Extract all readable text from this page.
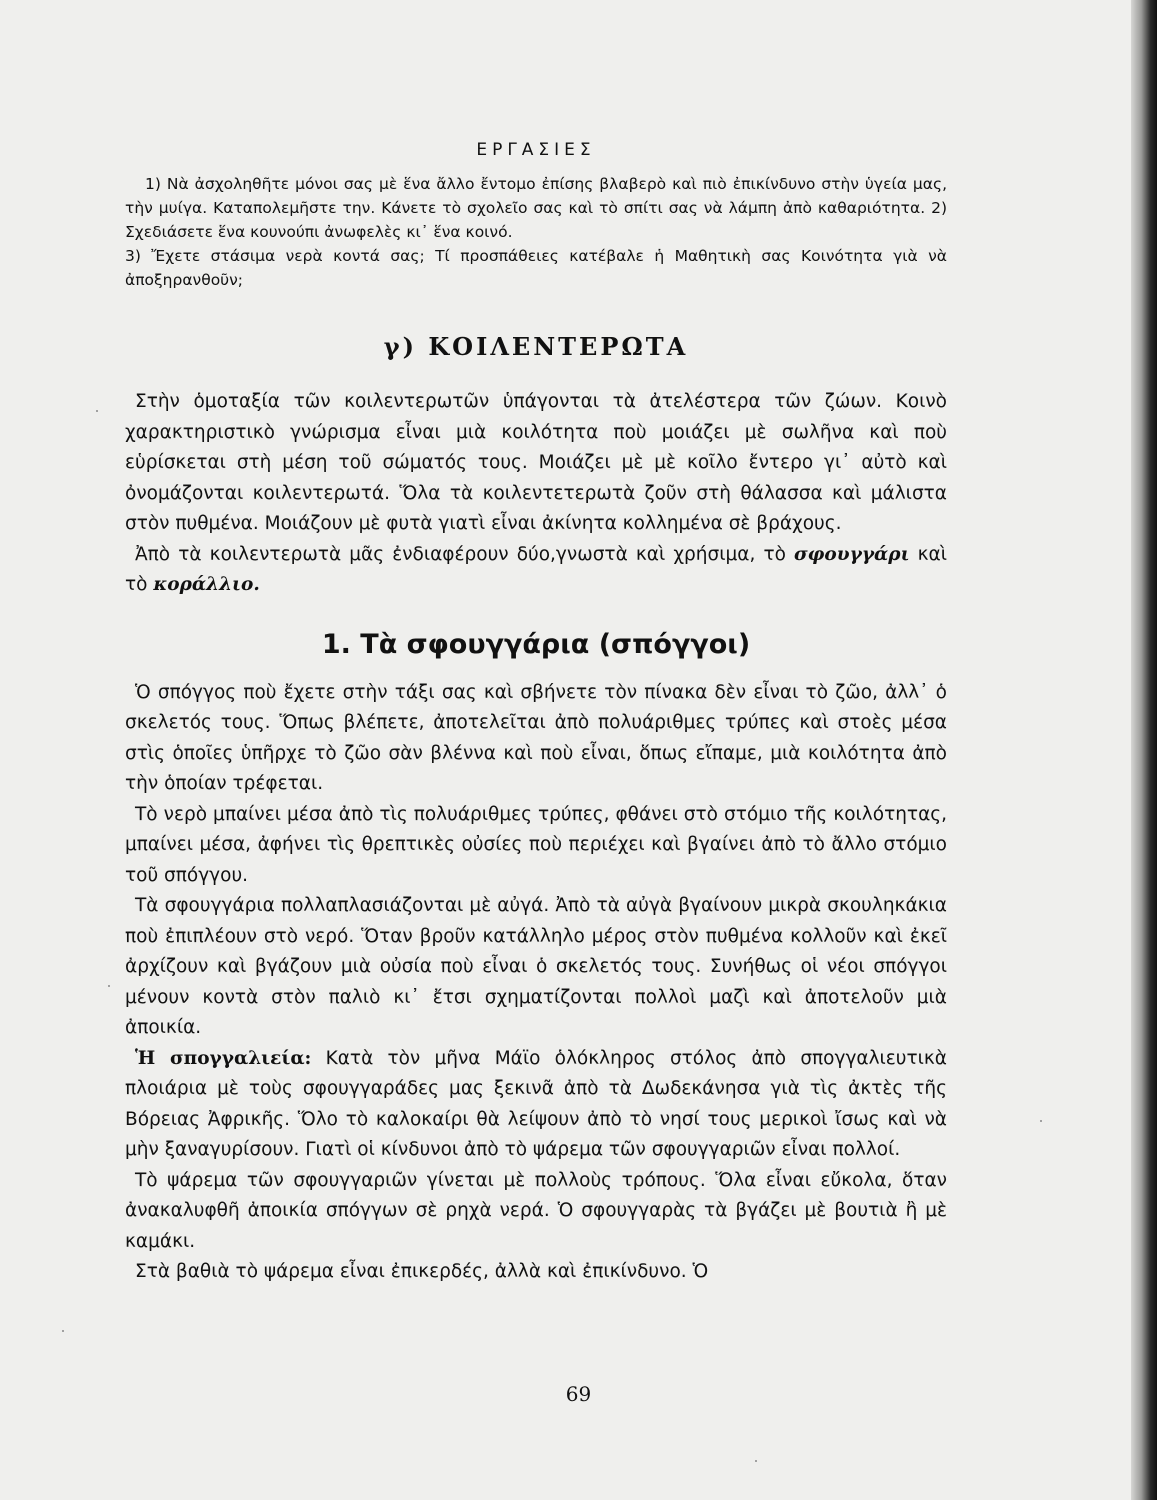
ΕΡΓΑΣΙΕΣ

1) Νὰ ἀσχοληθῆτε μόνοι σας μὲ ἕνα ἄλλο ἔντομο ἐπίσης βλαβερὸ καὶ πιὸ ἐπικίνδυνο στὴν ὑγεία μας, τὴν μυίγα. Καταπολεμῆστε την. Κάνετε τὸ σχολεῖο σας καὶ τὸ σπίτι σας νὰ λάμπη ἀπὸ καθαριότητα. 2) Σχεδιάσετε ἕνα κουνούπι ἀνωφελὲς κι᾿ ἕνα κοινό.

3) Ἔχετε στάσιμα νερὰ κοντά σας; Τί προσπάθειες κατέβαλε ἡ Μαθητικὴ σας Κοινότητα γιὰ νὰ ἀποξηρανθοῦν;

γ) ΚΟΙΛΕΝΤΕΡΩΤΑ

Στὴν ὁμοταξία τῶν κοιλεντερωτῶν ὑπάγονται τὰ ἀτελέστερα τῶν ζώων. Κοινὸ χαρακτηριστικὸ γνώρισμα εἶναι μιὰ κοιλότητα ποὺ μοιάζει μὲ σωλῆνα καὶ ποὺ εὑρίσκεται στὴ μέση τοῦ σώματός τους. Μοιάζει μὲ μὲ κοῖλο ἔντερο γι᾿ αὐτὸ καὶ ὀνομάζονται κοιλεντερωτά. Ὅλα τὰ κοιλεντετερωτὰ ζοῦν στὴ θάλασσα καὶ μάλιστα στὸν πυθμένα. Μοιάζουν μὲ φυτὰ γιατὶ εἶναι ἀκίνητα κολλημένα σὲ βράχους.

Ἀπὸ τὰ κοιλεντερωτὰ μᾶς ἐνδιαφέρουν δύο,γνωστὰ καὶ χρήσιμα, τὸ σφουγγάρι καὶ τὸ κοράλλιο.

1. Τὰ σφουγγάρια (σπόγγοι)

Ὁ σπόγγος ποὺ ἔχετε στὴν τάξι σας καὶ σβήνετε τὸν πίνακα δὲν εἶναι τὸ ζῶο, ἀλλ᾿ ὁ σκελετός τους. Ὅπως βλέπετε, ἀποτελεῖται ἀπὸ πολυάριθμες τρύπες καὶ στοὲς μέσα στὶς ὁποῖες ὑπῆρχε τὸ ζῶο σὰν βλέννα καὶ ποὺ εἶναι, ὅπως εἴπαμε, μιὰ κοιλότητα ἀπὸ τὴν ὁποίαν τρέφεται.

Τὸ νερὸ μπαίνει μέσα ἀπὸ τὶς πολυάριθμες τρύπες, φθάνει στὸ στόμιο τῆς κοιλότητας, μπαίνει μέσα, ἀφήνει τὶς θρεπτικὲς οὐσίες ποὺ περιέχει καὶ βγαίνει ἀπὸ τὸ ἄλλο στόμιο τοῦ σπόγγου.

Τὰ σφουγγάρια πολλαπλασιάζονται μὲ αὐγά. Ἀπὸ τὰ αὐγὰ βγαίνουν μικρὰ σκουληκάκια ποὺ ἐπιπλέουν στὸ νερό. Ὅταν βροῦν κατάλληλο μέρος στὸν πυθμένα κολλοῦν καὶ ἐκεῖ ἀρχίζουν καὶ βγάζουν μιὰ οὐσία ποὺ εἶναι ὁ σκελετός τους. Συνήθως οἱ νέοι σπόγγοι μένουν κοντὰ στὸν παλιὸ κι᾿ ἔτσι σχηματίζονται πολλοὶ μαζὶ καὶ ἀποτελοῦν μιὰ ἀποικία.

Ἡ σπογγαλιεία: Κατὰ τὸν μῆνα Μάϊο ὁλόκληρος στόλος ἀπὸ σπογγαλιευτικὰ πλοιάρια μὲ τοὺς σφουγγαράδες μας ξεκινᾶ ἀπὸ τὰ Δωδεκάνησα γιὰ τὶς ἀκτὲς τῆς Βόρειας Ἀφρικῆς. Ὅλο τὸ καλοκαίρι θὰ λείψουν ἀπὸ τὸ νησί τους μερικοὶ ἴσως καὶ νὰ μὴν ξαναγυρίσουν. Γιατὶ οἱ κίνδυνοι ἀπὸ τὸ ψάρεμα τῶν σφουγγαριῶν εἶναι πολλοί.

Τὸ ψάρεμα τῶν σφουγγαριῶν γίνεται μὲ πολλοὺς τρόπους. Ὅλα εἶναι εὔκολα, ὅταν ἀνακαλυφθῆ ἀποικία σπόγγων σὲ ρηχὰ νερά. Ὁ σφουγγαρὰς τὰ βγάζει μὲ βουτιὰ ἢ μὲ καμάκι.

Στὰ βαθιὰ τὸ ψάρεμα εἶναι ἐπικερδές, ἀλλὰ καὶ ἐπικίνδυνο. Ὁ

69
